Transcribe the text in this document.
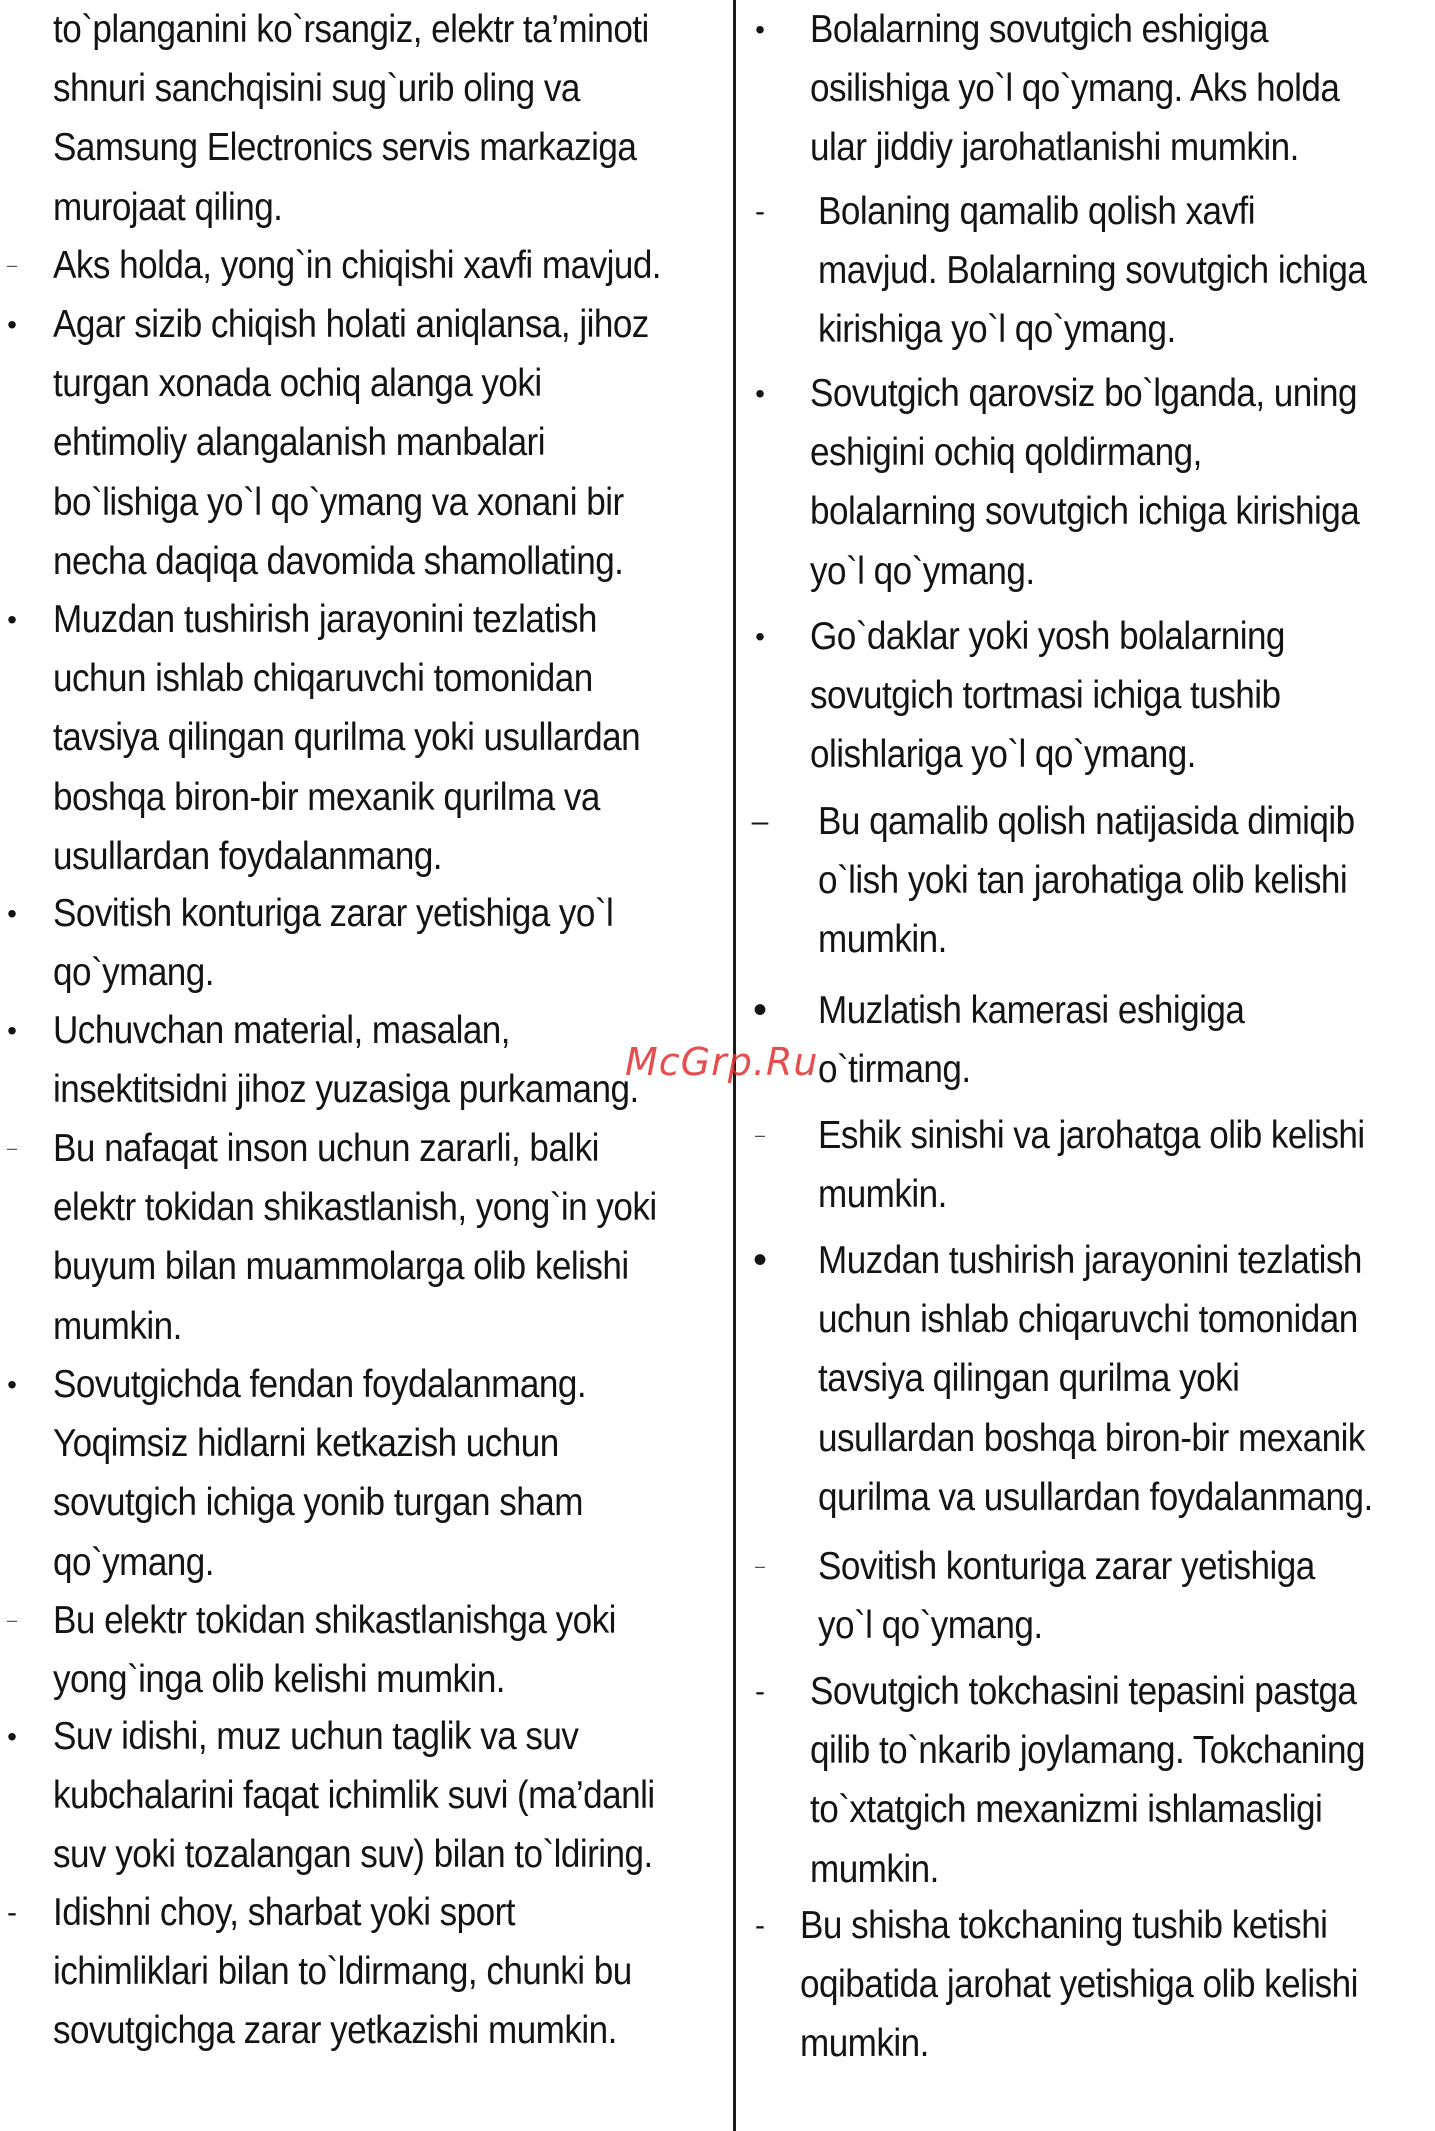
to`planganini ko`rsangiz, elektr ta’minoti
shnuri sanchqisini sug`urib oling va
Samsung Electronics servis markaziga
murojaat qiling.
– Aks holda, yong`in chiqishi xavfi mavjud.
• Agar sizib chiqish holati aniqlansa, jihoz
turgan xonada ochiq alanga yoki
ehtimoliy alangalanish manbalari
bo`lishiga yo`l qo`ymang va xonani bir
necha daqiqa davomida shamollating.
• Muzdan tushirish jarayonini tezlatish
uchun ishlab chiqaruvchi tomonidan
tavsiya qilingan qurilma yoki usullardan
boshqa biron-bir mexanik qurilma va
usullardan foydalanmang.
• Sovitish konturiga zarar yetishiga yo`l
qo`ymang.
• Uchuvchan material, masalan,
insektitsidni jihoz yuzasiga purkamang.
– Bu nafaqat inson uchun zararli, balki
elektr tokidan shikastlanish, yong`in yoki
buyum bilan muammolarga olib kelishi
mumkin.
• Sovutgichda fendan foydalanmang.
Yoqimsiz hidlarni ketkazish uchun
sovutgich ichiga yonib turgan sham
qo`ymang.
– Bu elektr tokidan shikastlanishga yoki
yong`inga olib kelishi mumkin.
• Suv idishi, muz uchun taglik va suv
kubchalarini faqat ichimlik suvi (ma’danli
suv yoki tozalangan suv) bilan to`ldiring.
- Idishni choy, sharbat yoki sport
ichimliklari bilan to`ldirmang, chunki bu
sovutgichga zarar yetkazishi mumkin.
• Bolalarning sovutgich eshigiga
osilishiga yo`l qo`ymang. Aks holda
ular jiddiy jarohatlanishi mumkin.
- Bolaning qamalib qolish xavfi
mavjud. Bolalarning sovutgich ichiga
kirishiga yo`l qo`ymang.
• Sovutgich qarovsiz bo`lganda, uning
eshigini ochiq qoldirmang,
bolalarning sovutgich ichiga kirishiga
yo`l qo`ymang.
• Go`daklar yoki yosh bolalarning
sovutgich tortmasi ichiga tushib
olishlariga yo`l qo`ymang.
– Bu qamalib qolish natijasida dimiqib
o`lish yoki tan jarohatiga olib kelishi
mumkin.
• Muzlatish kamerasi eshigiga
o`tirmang.
– Eshik sinishi va jarohatga olib kelishi
mumkin.
• Muzdan tushirish jarayonini tezlatish
uchun ishlab chiqaruvchi tomonidan
tavsiya qilingan qurilma yoki
usullardan boshqa biron-bir mexanik
qurilma va usullardan foydalanmang.
– Sovitish konturiga zarar yetishiga
yo`l qo`ymang.
- Sovutgich tokchasini tepasini pastga
qilib to`nkarib joylamang. Tokchaning
to`xtatgich mexanizmi ishlamasligi
mumkin.
- Bu shisha tokchaning tushib ketishi
oqibatida jarohat yetishiga olib kelishi
mumkin.
McGrp.Ru
